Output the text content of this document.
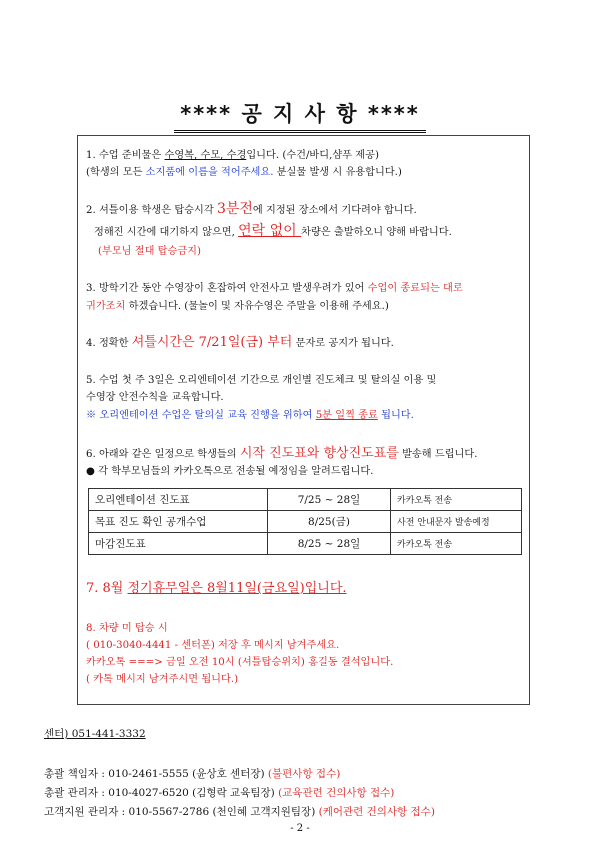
**** 공 지 사 항 ****
1. 수업 준비물은 수영복, 수모, 수경입니다. (수건/바디,샴푸 제공)
(학생의 모든 소지품에 이름을 적어주세요. 분실물 발생 시 유용합니다.)
2. 셔틀이용 학생은 탑승시각 3분전에 지정된 장소에서 기다려야 합니다.
정해진 시간에 대기하지 않으면, 연락 없이 차량은 출발하오니 양해 바랍니다.
(부모님 절대 탑승금지)
3. 방학기간 동안 수영장이 혼잡하여 안전사고 발생우려가 있어 수업이 종료되는 대로
귀가조치 하겠습니다. (물놀이 및 자유수영은 주말을 이용해 주세요.)
4. 정확한 셔틀시간은 7/21일(금) 부터 문자로 공지가 됩니다.
5. 수업 첫 주 3일은 오리엔테이션 기간으로 개인별 진도체크 및 탈의실 이용 및
수영장 안전수칙을 교육합니다.
※ 오리엔테이션 수업은 탈의실 교육 진행을 위하여 5분 일찍 종료 됩니다.
6. 아래와 같은 일정으로 학생들의 시작 진도표와 향상진도표를 발송해 드립니다.
● 각 학부모님들의 카카오톡으로 전송될 예정임을 알려드립니다.
오리엔테이션 진도표	7/25 ~ 28일	카카오톡 전송
목표 진도 확인 공개수업	8/25(금)	사전 안내문자 발송예정
마감진도표	8/25 ~ 28일	카카오톡 전송
7. 8월 정기휴무일은 8월11일(금요일)입니다.
8. 차량 미 탑승 시
( 010-3040-4441 - 센터폰) 저장 후 메시지 남겨주세요.
카카오톡 ===> 금일 오전 10시 (셔틀탑승위치) 홍길동 결석입니다.
( 카톡 메시지 남겨주시면 됩니다.)
센터) 051-441-3332
총괄 책임자 : 010-2461-5555 (윤상호 센터장) (불편사항 접수)
총괄 관리자 : 010-4027-6520 (김형락 교육팀장) (교육관련 건의사항 접수)
고객지원 관리자 : 010-5567-2786 (천인혜 고객지원팀장) (케어관련 건의사항 접수)
- 2 -
